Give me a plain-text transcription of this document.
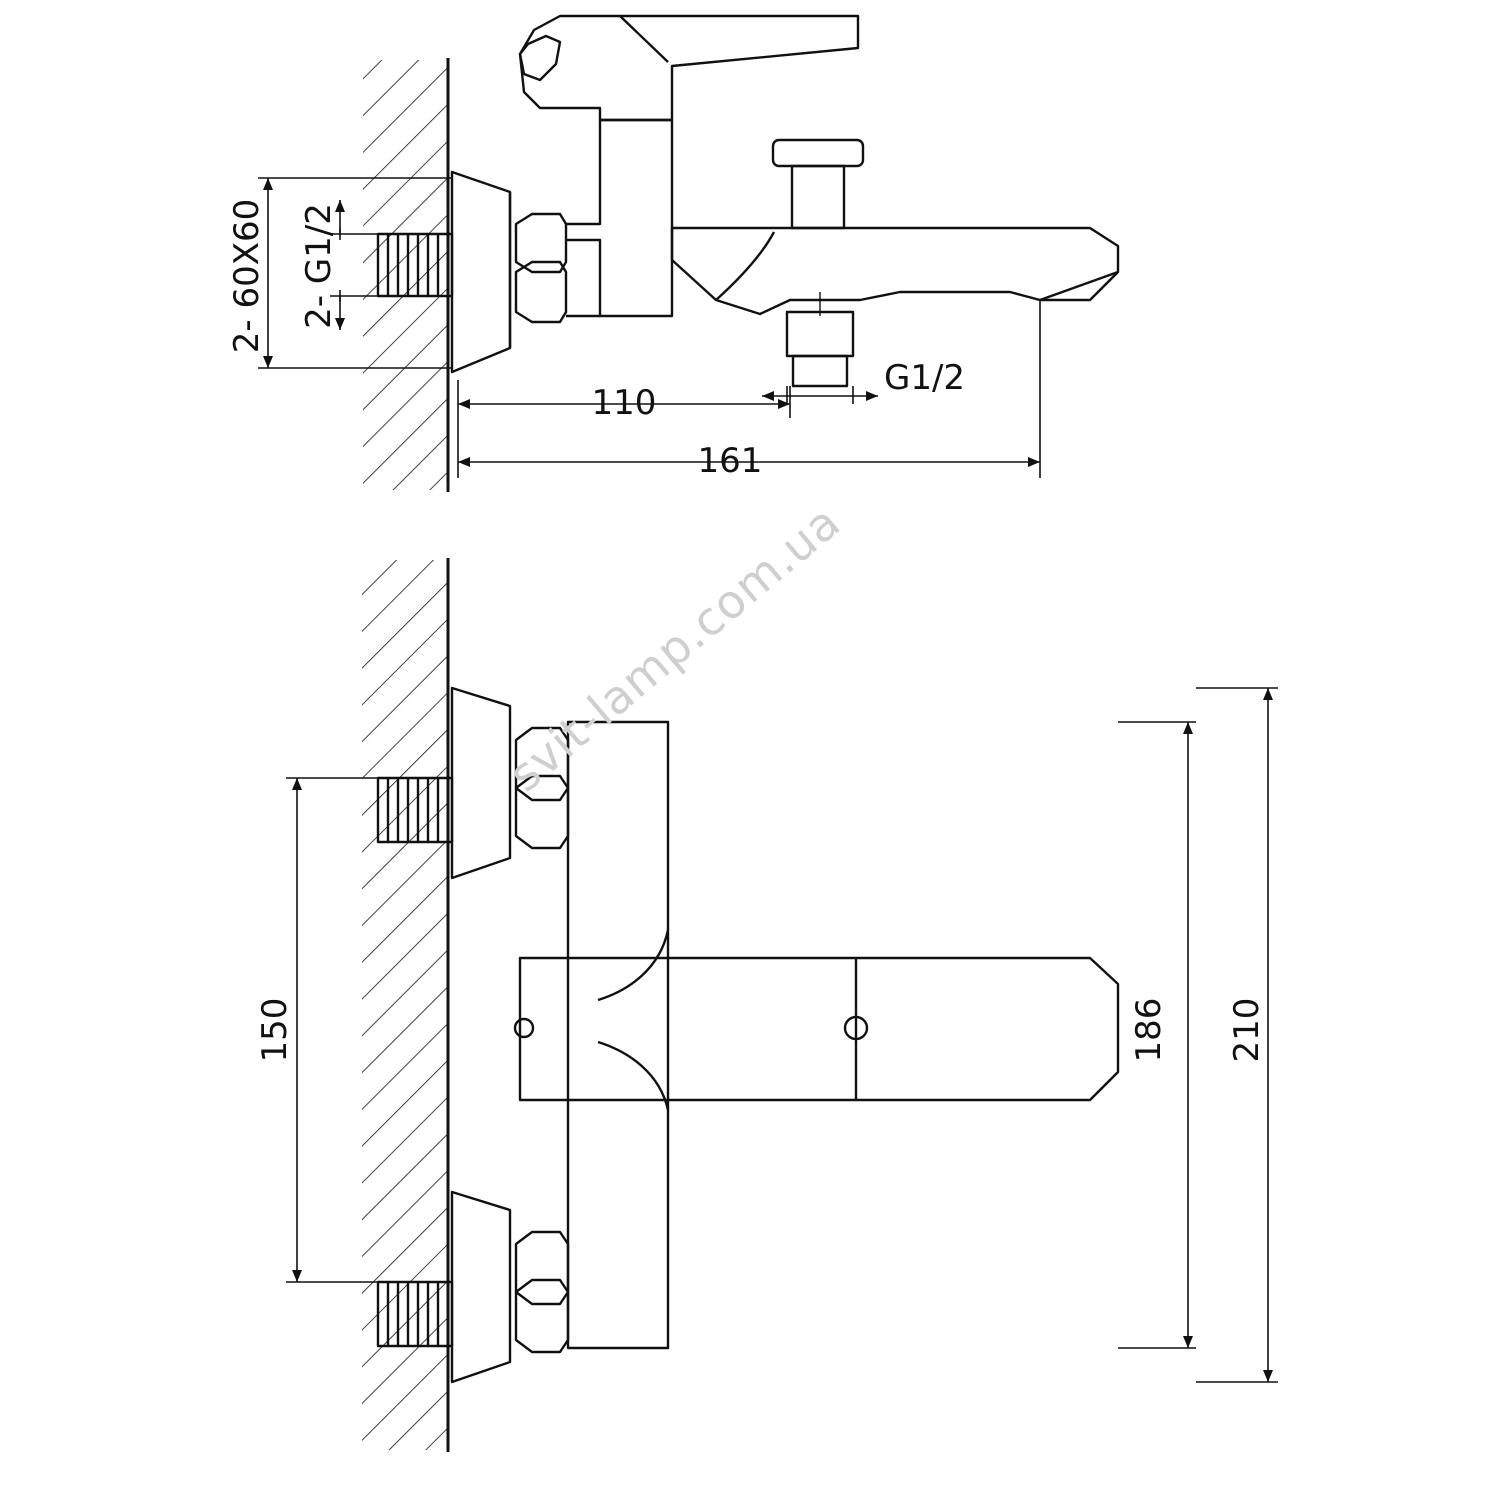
2- 60X60 2- G1/2
G1/2
110
161
150	186 210
svit-lamp.com.ua
